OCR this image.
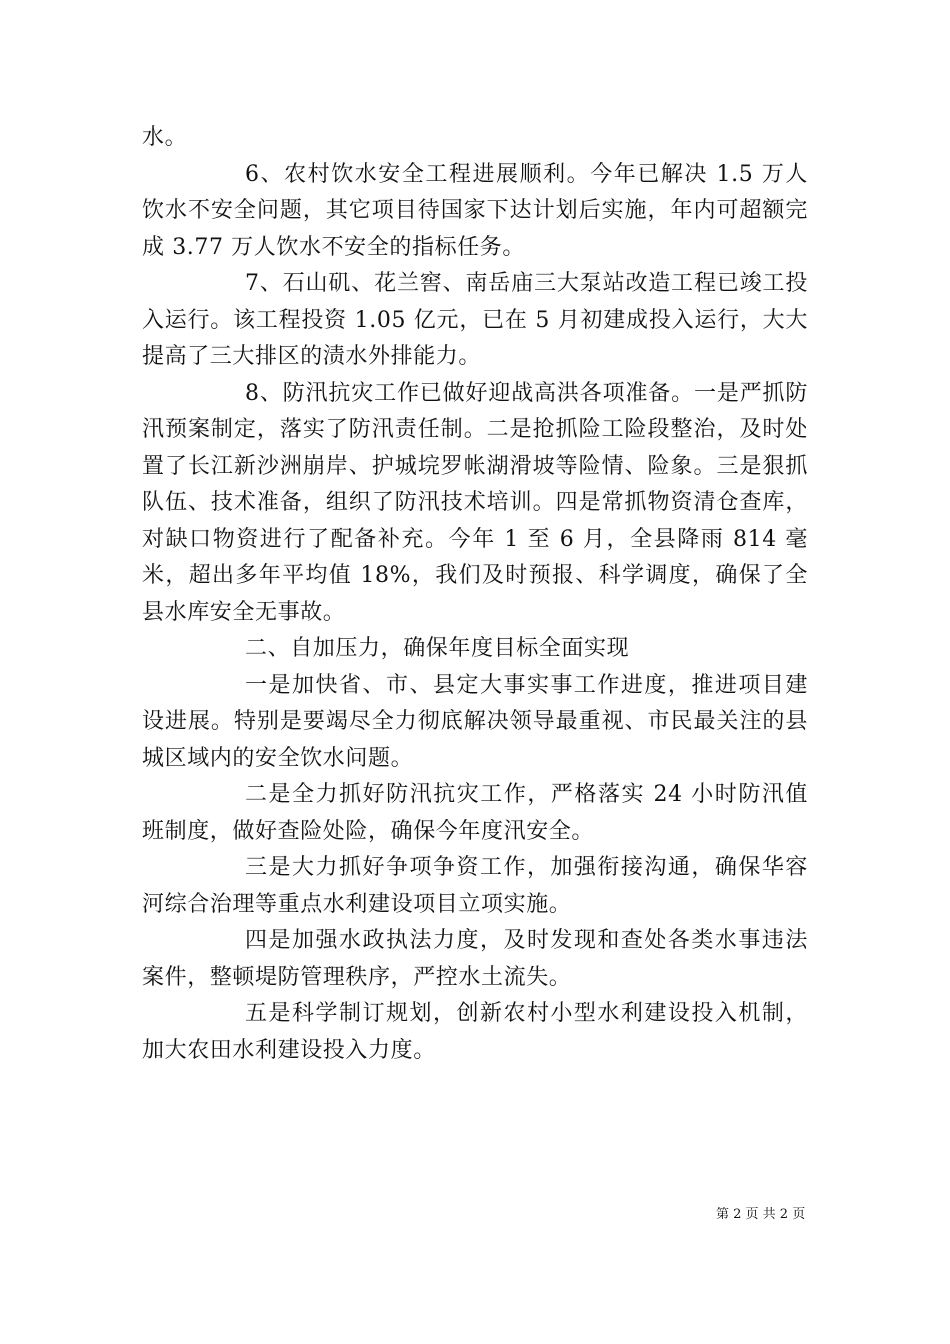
水。

6、农村饮水安全工程进展顺利。今年已解决 1.5 万人饮水不安全问题，其它项目待国家下达计划后实施，年内可超额完成 3.77 万人饮水不安全的指标任务。

7、石山矶、花兰窖、南岳庙三大泵站改造工程已竣工投入运行。该工程投资 1.05 亿元，已在 5 月初建成投入运行，大大提高了三大排区的渍水外排能力。

8、防汛抗灾工作已做好迎战高洪各项准备。一是严抓防汛预案制定，落实了防汛责任制。二是抢抓险工险段整治，及时处置了长江新沙洲崩岸、护城垸罗帐湖滑坡等险情、险象。三是狠抓队伍、技术准备，组织了防汛技术培训。四是常抓物资清仓查库，对缺口物资进行了配备补充。今年 1 至 6 月，全县降雨 814 毫米，超出多年平均值 18%，我们及时预报、科学调度，确保了全县水库安全无事故。

二、自加压力，确保年度目标全面实现

一是加快省、市、县定大事实事工作进度，推进项目建设进展。特别是要竭尽全力彻底解决领导最重视、市民最关注的县城区域内的安全饮水问题。

二是全力抓好防汛抗灾工作，严格落实 24 小时防汛值班制度，做好查险处险，确保今年度汛安全。

三是大力抓好争项争资工作，加强衔接沟通，确保华容河综合治理等重点水利建设项目立项实施。

四是加强水政执法力度，及时发现和查处各类水事违法案件，整顿堤防管理秩序，严控水土流失。

五是科学制订规划，创新农村小型水利建设投入机制，加大农田水利建设投入力度。

第 2 页 共 2 页
